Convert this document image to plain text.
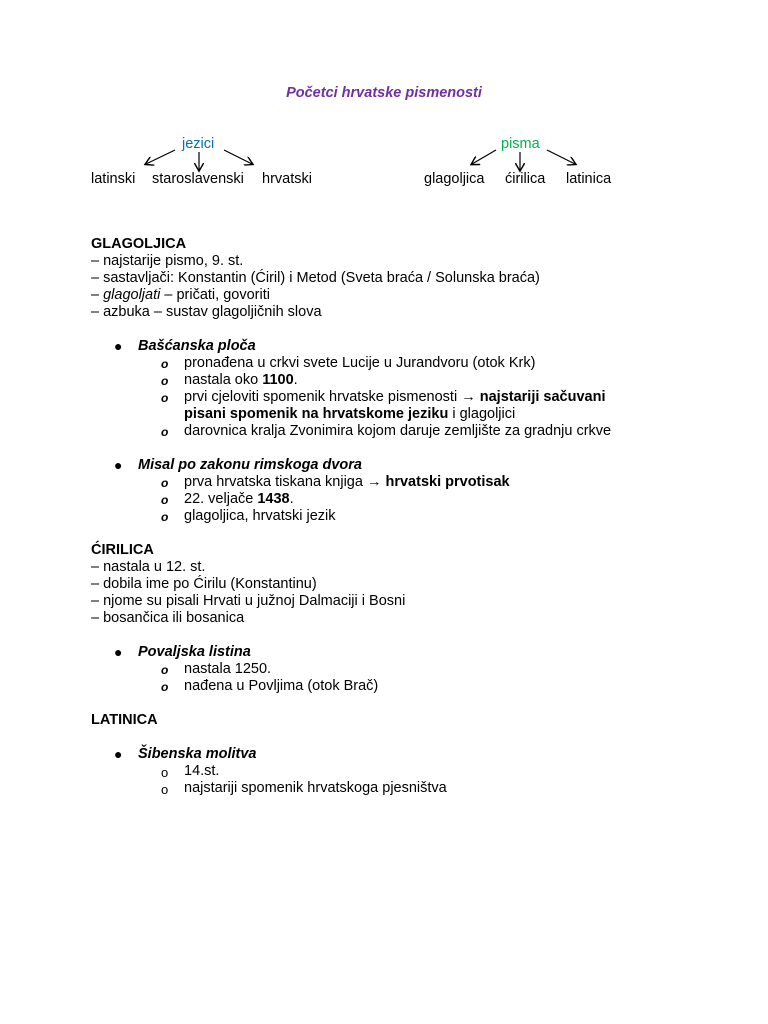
Početci hrvatske pismenosti
jezici	pisma
latinski staroslavenski hrvatski	glagoljica ćirilica latinica
GLAGOLJICA
– najstarije pismo, 9. st.
– sastavljači: Konstantin (Ćiril) i Metod (Sveta braća / Solunska braća)
– glagoljati – pričati, govoriti
– azbuka – sustav glagoljičnih slova
● Bašćanska ploča
o pronađena u crkvi svete Lucije u Jurandvoru (otok Krk)
o nastala oko 1100.
o prvi cjeloviti spomenik hrvatske pismenosti → najstariji sačuvani
pisani spomenik na hrvatskome jeziku i glagoljici
o darovnica kralja Zvonimira kojom daruje zemljište za gradnju crkve
● Misal po zakonu rimskoga dvora
o prva hrvatska tiskana knjiga → hrvatski prvotisak
o 22. veljače 1438.
o glagoljica, hrvatski jezik
ĆIRILICA
– nastala u 12. st.
– dobila ime po Ćirilu (Konstantinu)
– njome su pisali Hrvati u južnoj Dalmaciji i Bosni
– bosančica ili bosanica
● Povaljska listina
o nastala 1250.
o nađena u Povljima (otok Brač)
LATINICA
● Šibenska molitva
o 14.st.
o najstariji spomenik hrvatskoga pjesništva
